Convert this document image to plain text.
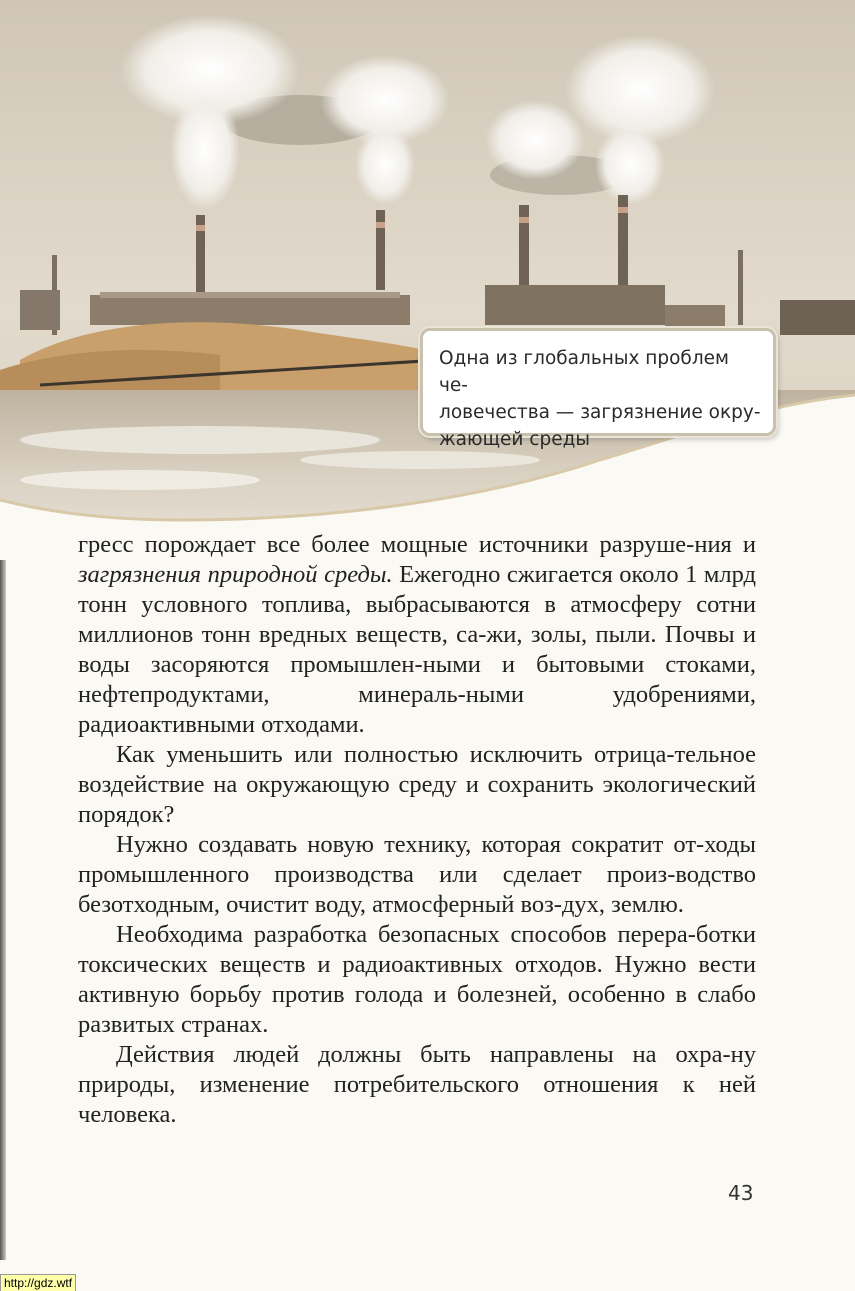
Одна из глобальных проблем че-

ловечества — загрязнение окру-

жающей среды

гресс порождает все более мощные источники разруше-ния и загрязнения природной среды. Ежегодно сжигается около 1 млрд тонн условного топлива, выбрасываются в атмосферу сотни миллионов тонн вредных веществ, са-жи, золы, пыли. Почвы и воды засоряются промышлен-ными и бытовыми стоками, нефтепродуктами, минераль-ными удобрениями, радиоактивными отходами.

Как уменьшить или полностью исключить отрица-тельное воздействие на окружающую среду и сохранить экологический порядок?

Нужно создавать новую технику, которая сократит от-ходы промышленного производства или сделает произ-водство безотходным, очистит воду, атмосферный воз-дух, землю.

Необходима разработка безопасных способов перера-ботки токсических веществ и радиоактивных отходов. Нужно вести активную борьбу против голода и болезней, особенно в слабо развитых странах.

Действия людей должны быть направлены на охра-ну природы, изменение потребительского отношения к ней человека.

43
http://gdz.wtf
